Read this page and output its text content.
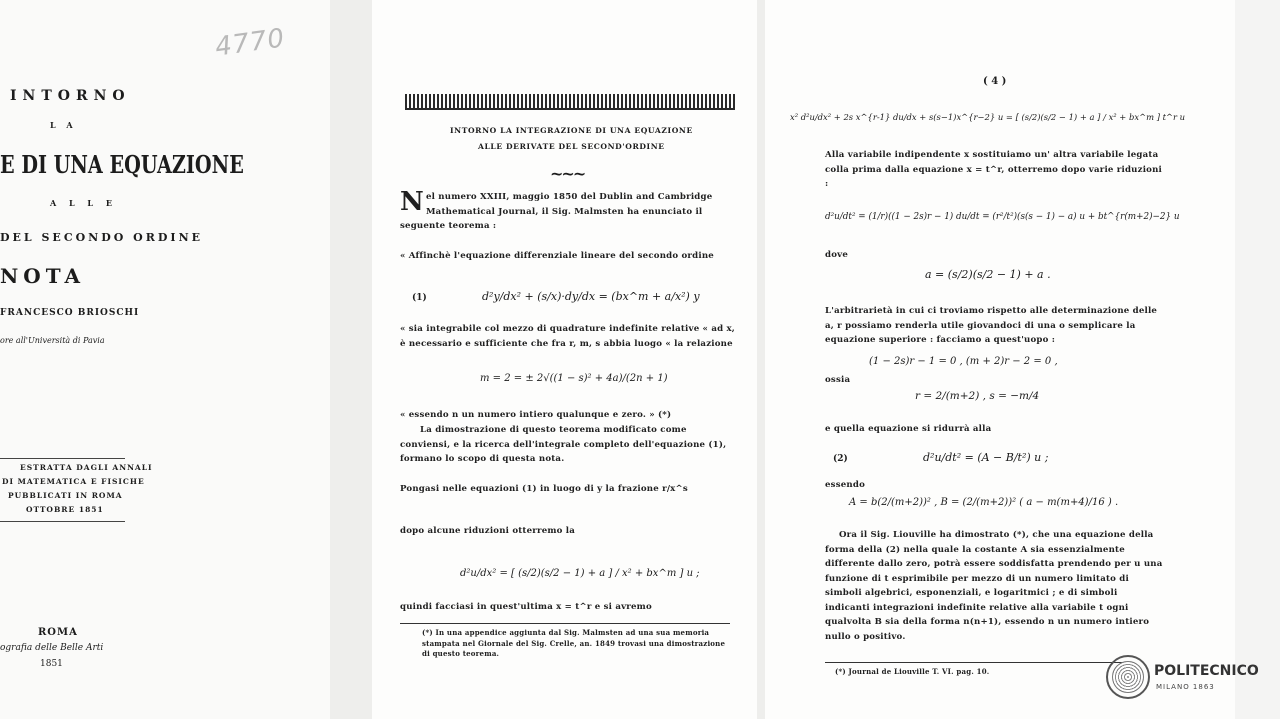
4770
INTORNO
L A
E DI UNA EQUAZIONE
A L L E
DEL SECONDO ORDINE
NOTA
FRANCESCO BRIOSCHI
ore all'Università di Pavia
ESTRATTA DAGLI ANNALI
DI MATEMATICA E FISICHE
PUBBLICATI IN ROMA
OTTOBRE 1851
ROMA
ografia delle Belle Arti
1851
INTORNO LA INTEGRAZIONE DI UNA EQUAZIONE
ALLE DERIVATE DEL SECOND'ORDINE
~~~
Nel numero XXIII, maggio 1850 del Dublin and Cambridge Mathematical Journal, il Sig. Malmsten ha enunciato il seguente teorema :
« Affinchè l'equazione differenziale lineare del secondo ordine
(1)	d²y/dx² + (s/x)·dy/dx = (bx^m + a/x²) y
« sia integrabile col mezzo di quadrature indefinite relative « ad x, è necessario e sufficiente che fra r, m, s abbia luogo « la relazione
m = 2 = ± 2√((1 − s)² + 4a)/(2n + 1)
« essendo n un numero intiero qualunque e zero. » (*)
La dimostrazione di questo teorema modificato come conviensi, e la ricerca dell'integrale completo dell'equazione (1), formano lo scopo di questa nota.
Pongasi nelle equazioni (1) in luogo di y la frazione r/x^s
dopo alcune riduzioni otterremo la
d²u/dx² = [ (s/2)(s/2 − 1) + a ] / x² + bx^m ] u ;
quindi facciasi in quest'ultima x = t^r e si avremo
(*) In una appendice aggiunta dal Sig. Malmsten ad una sua memoria stampata nel Giornale del Sig. Crelle, an. 1849 trovasi una dimostrazione di questo teorema.
( 4 )
x² d²u/dx² + 2s x^{r-1} du/dx + s(s−1)x^{r−2} u = [ (s/2)(s/2 − 1) + a ] / x² + bx^m ] t^r u
Alla variabile indipendente x sostituiamo un' altra variabile legata colla prima dalla equazione x = t^r, otterremo dopo varie riduzioni :
d²u/dt² = (1/r)((1 − 2s)r − 1) du/dt = (r²/t²)(s(s − 1) − a) u + bt^{r(m+2)−2} u
dove
a = (s/2)(s/2 − 1) + a .
L'arbitrarietà in cui ci troviamo rispetto alle determinazione delle a, r possiamo renderla utile giovandoci di una o semplicare la equazione superiore : facciamo a quest'uopo :
(1 − 2s)r − 1 = 0 , (m + 2)r − 2 = 0 ,
ossia
r = 2/(m+2) , s = −m/4
e quella equazione si ridurrà alla
(2)	d²u/dt² = (A − B/t²) u ;
essendo
A = b(2/(m+2))² , B = (2/(m+2))² ( a − m(m+4)/16 ) .
Ora il Sig. Liouville ha dimostrato (*), che una equazione della forma della (2) nella quale la costante A sia essenzialmente differente dallo zero, potrà essere soddisfatta prendendo per u una funzione di t esprimibile per mezzo di un numero limitato di simboli algebrici, esponenziali, e logaritmici ; e di simboli indicanti integrazioni indefinite relative alla variabile t ogni qualvolta B sia della forma n(n+1), essendo n un numero intiero nullo o positivo.
(*) Journal de Liouville T. VI. pag. 10.	POLITECNICO
MILANO 1863
